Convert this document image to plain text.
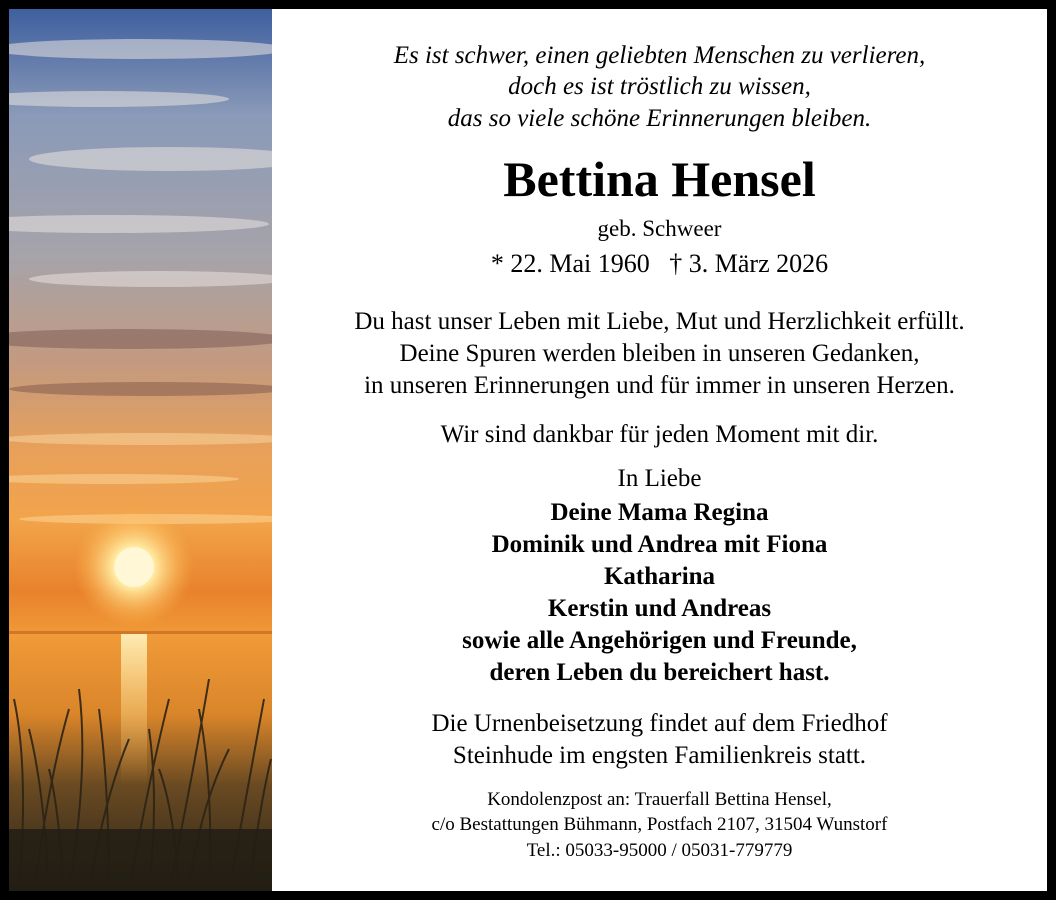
Es ist schwer, einen geliebten Menschen zu verlieren,
doch es ist tröstlich zu wissen,
das so viele schöne Erinnerungen bleiben.
Bettina Hensel
geb. Schweer
* 22. Mai 1960 † 3. März 2026
Du hast unser Leben mit Liebe, Mut und Herzlichkeit erfüllt.
Deine Spuren werden bleiben in unseren Gedanken,
in unseren Erinnerungen und für immer in unseren Herzen.
Wir sind dankbar für jeden Moment mit dir.
In Liebe
Deine Mama Regina
Dominik und Andrea mit Fiona
Katharina
Kerstin und Andreas
sowie alle Angehörigen und Freunde,
deren Leben du bereichert hast.
Die Urnenbeisetzung findet auf dem Friedhof
Steinhude im engsten Familienkreis statt.
Kondolenzpost an: Trauerfall Bettina Hensel,
c/o Bestattungen Bühmann, Postfach 2107, 31504 Wunstorf
Tel.: 05033-95000 / 05031-779779
